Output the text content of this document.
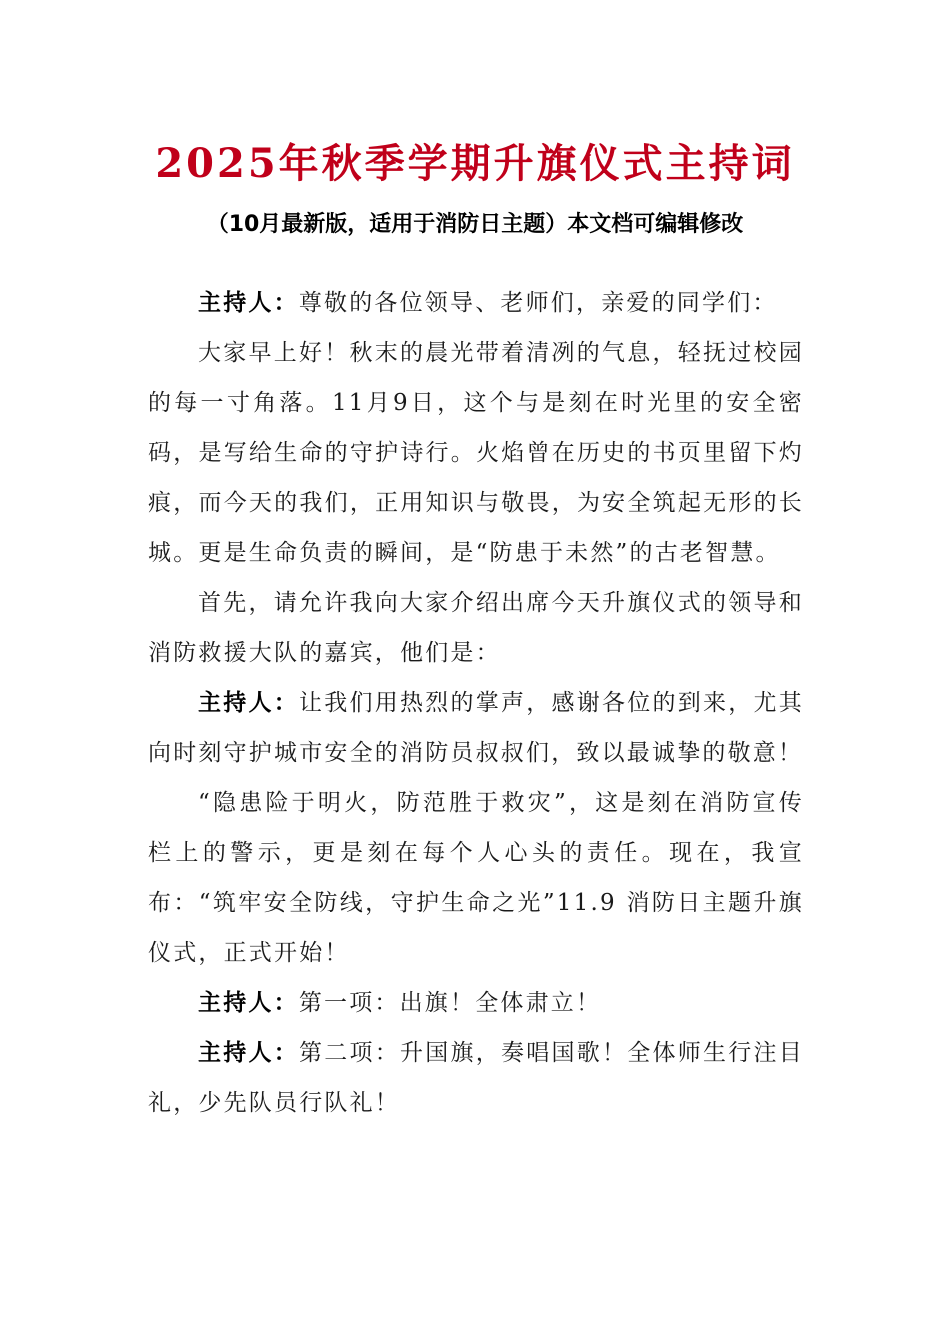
2025年秋季学期升旗仪式主持词
（10月最新版，适用于消防日主题）本文档可编辑修改

主持人：尊敬的各位领导、老师们，亲爱的同学们：

大家早上好！秋末的晨光带着清冽的气息，轻抚过校园的每一寸角落。11月9日，这个与是刻在时光里的安全密码，是写给生命的守护诗行。火焰曾在历史的书页里留下灼痕，而今天的我们，正用知识与敬畏，为安全筑起无形的长城。更是生命负责的瞬间，是“防患于未然”的古老智慧。

首先，请允许我向大家介绍出席今天升旗仪式的领导和消防救援大队的嘉宾，他们是：

主持人：让我们用热烈的掌声，感谢各位的到来，尤其向时刻守护城市安全的消防员叔叔们，致以最诚挚的敬意！

“隐患险于明火，防范胜于救灾”，这是刻在消防宣传栏上的警示，更是刻在每个人心头的责任。现在，我宣布：“筑牢安全防线，守护生命之光”11.9 消防日主题升旗仪式，正式开始！

主持人：第一项：出旗！全体肃立！

主持人：第二项：升国旗，奏唱国歌！全体师生行注目礼，少先队员行队礼！
